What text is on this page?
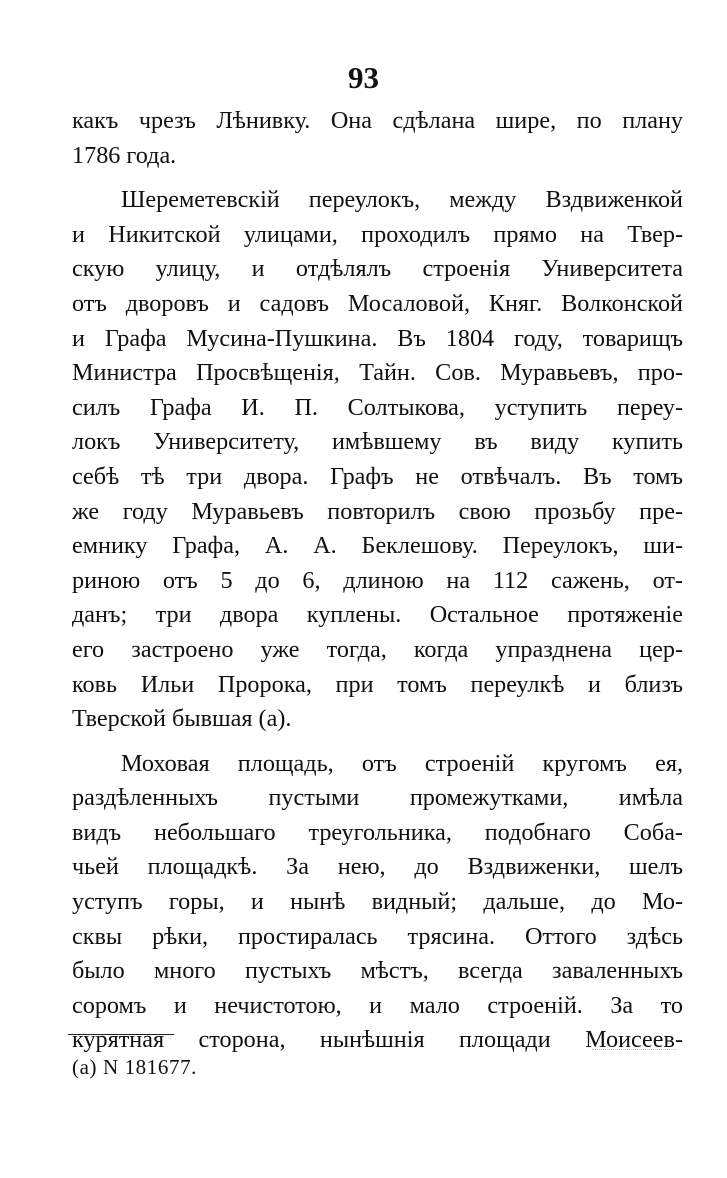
93
какъ чрезъ Лѣнивку. Она сдѣлана шире, по плану
1786 года.
Шереметевскій переулокъ, между Вздвиженкой
и Никитской улицами, проходилъ прямо на Твер-
скую улицу, и отдѣлялъ строенія Университета
отъ дворовъ и садовъ Мосаловой, Княг. Волконской
и Графа Мусина-Пушкина. Въ 1804 году, товарищъ
Министра Просвѣщенія, Тайн. Сов. Муравьевъ, про-
силъ Графа И. П. Солтыкова, уступить переу-
локъ Университету, имѣвшему въ виду купить
себѣ тѣ три двора. Графъ не отвѣчалъ. Въ томъ
же году Муравьевъ повторилъ свою прозьбу пре-
емнику Графа, А. А. Беклешову. Переулокъ, ши-
риною отъ 5 до 6, длиною на 112 сажень, от-
данъ; три двора куплены. Остальное протяженіе
его застроено уже тогда, когда упразднена цер-
ковь Ильи Пророка, при томъ переулкѣ и близъ
Тверской бывшая (а).
Моховая площадь, отъ строеній кругомъ ея,
раздѣленныхъ пустыми промежутками, имѣла
видъ небольшаго треугольника, подобнаго Соба-
чьей площадкѣ. За нею, до Вздвиженки, шелъ
уступъ горы, и нынѣ видный; дальше, до Мо-
сквы рѣки, простиралась трясина. Оттого здѣсь
было много пустыхъ мѣстъ, всегда заваленныхъ
соромъ и нечистотою, и мало строеній. За то
курятная сторона, нынѣшнія площади Моисеев-
(а) N 181677.
